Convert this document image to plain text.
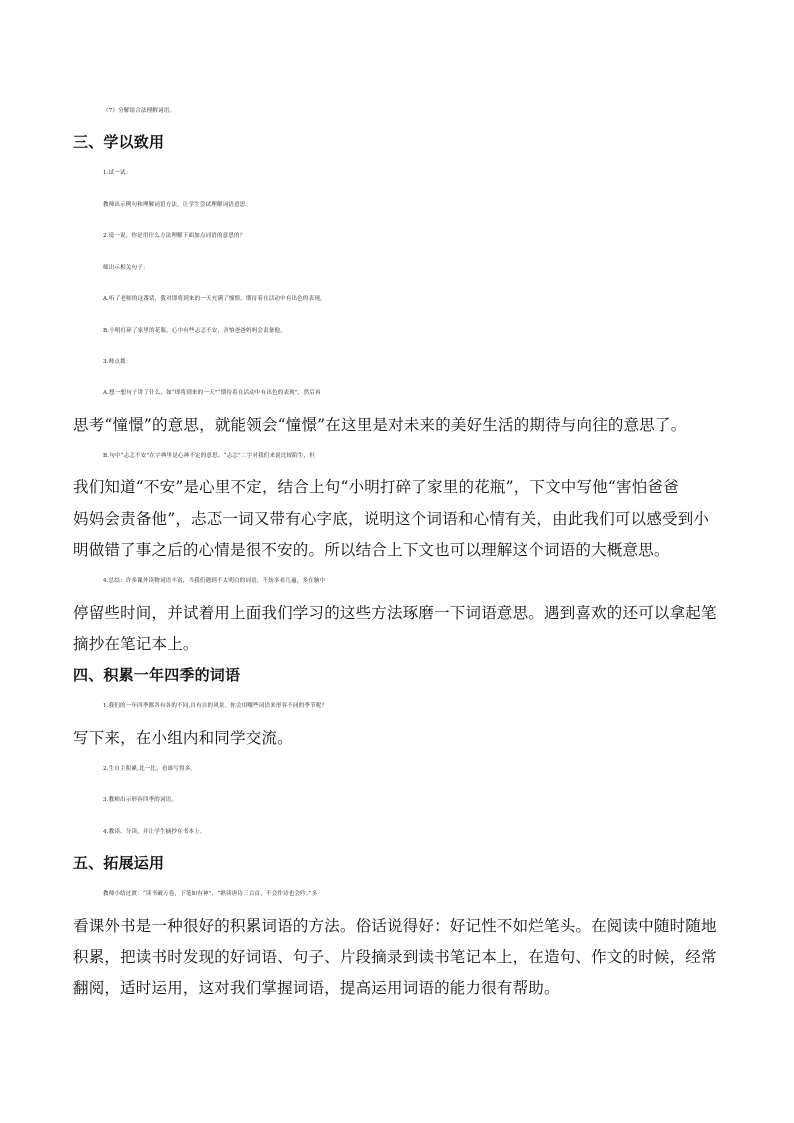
（7）分解组合法理解词语。
三、学以致用
1.试一试：
教师出示例句和理解词语方法，让学生尝试理解词语意思。
2.说一说，你是用什么方法理解下面加点词语的意思的？
师出示相关句子：
A.听了老师的这番话，我对即将到来的一天充满了憧憬，期待着在活动中有出色的表现。
B.小明打碎了家里的花瓶，心中有些忐忑不安，害怕爸爸妈妈会责备他。
3.师点拨：
A.想一想句子讲了什么，如“即将到来的一天”“期待着在活动中有出色的表现”，然后再
思考“憧憬”的意思，就能领会“憧憬”在这里是对未来的美好生活的期待与向往的意思了。
B.句中“忐忑不安”在字典里是心神不定的意思。“忐忑”二字对我们来说比较陌生，但
我们知道“不安”是心里不定，结合上句“小明打碎了家里的花瓶”，下文中写他“害怕爸爸
妈妈会责备他”，忐忑一词又带有心字底，说明这个词语和心情有关，由此我们可以感受到小
明做错了事之后的心情是很不安的。所以结合上下文也可以理解这个词语的大概意思。
4.总结：许多课外读物词语丰富，当我们遇到不太明白的词语，不妨多看几遍，多在脑中
停留些时间，并试着用上面我们学习的这些方法琢磨一下词语意思。遇到喜欢的还可以拿起笔
摘抄在笔记本上。
四、积累一年四季的词语
1.我们的一年四季都各有各的不同,自有自的风景。你会用哪些词语来形容不同的季节呢？
写下来，在小组内和同学交流。
2.生自主积累,比一比，看谁写得多。
3.教师出示形容四季的词语。
4.教读、分读，并让学生摘抄在书本上。
五、拓展运用
教师小结过渡：“读书破万卷，下笔如有神”，“熟读唐诗三百首，不会作诗也会吟。”多
看课外书是一种很好的积累词语的方法。俗话说得好：好记性不如烂笔头。在阅读中随时随地
积累，把读书时发现的好词语、句子、片段摘录到读书笔记本上，在造句、作文的时候，经常
翻阅，适时运用，这对我们掌握词语，提高运用词语的能力很有帮助。
